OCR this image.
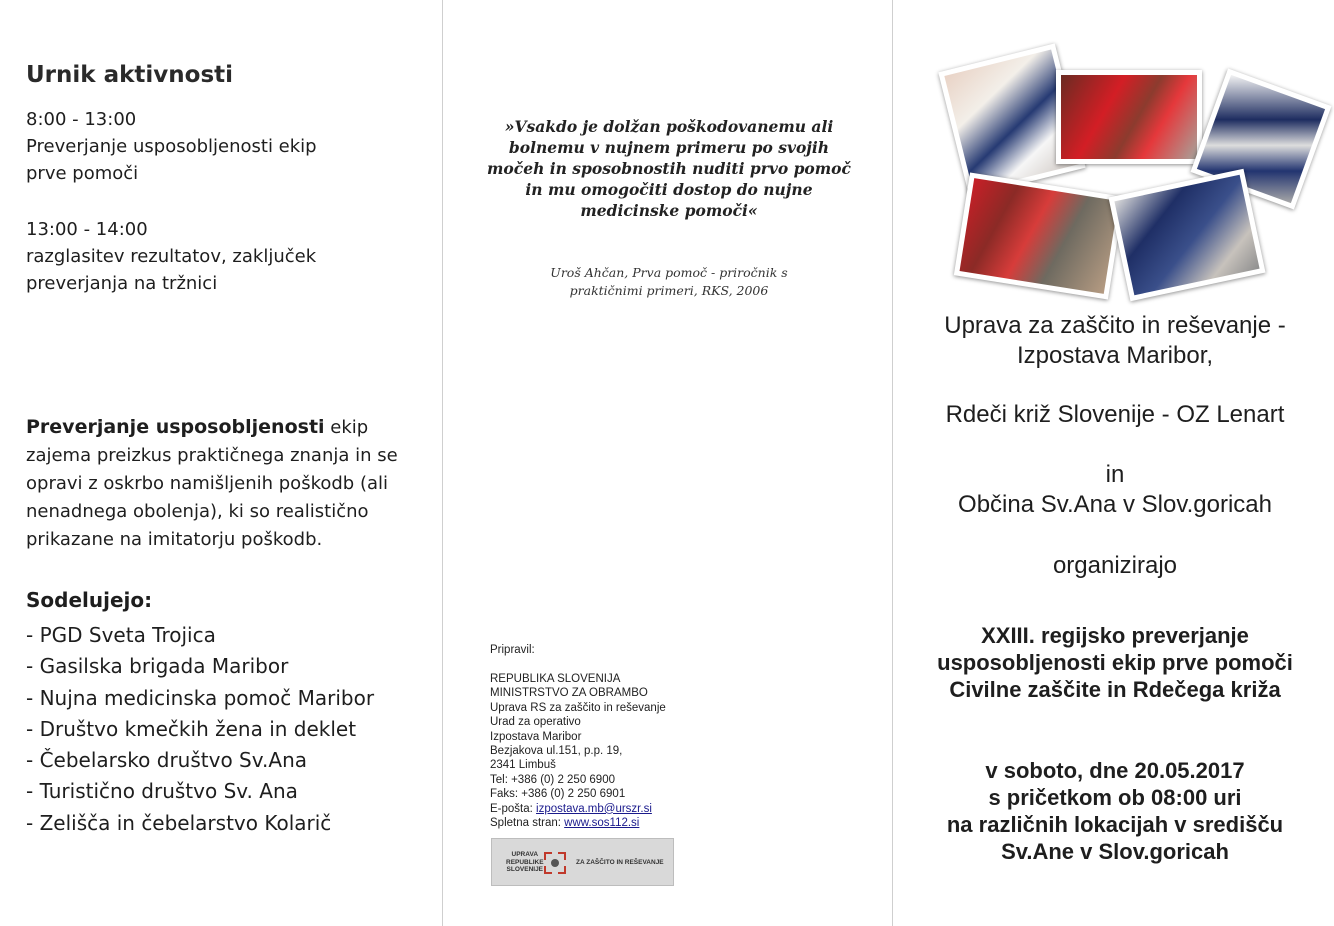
Urnik aktivnosti
8:00 - 13:00
Preverjanje usposobljenosti ekip
prve pomoči
13:00 - 14:00
razglasitev rezultatov, zaključek
preverjanja na tržnici
Preverjanje usposobljenosti ekip zajema preizkus praktičnega znanja in se opravi z oskrbo namišljenih poškodb (ali nenadnega obolenja), ki so realistično prikazane na imitatorju poškodb.
Sodelujejo:
- PGD Sveta Trojica
- Gasilska brigada Maribor
- Nujna medicinska pomoč Maribor
- Društvo kmečkih žena in deklet
- Čebelarsko društvo Sv.Ana
- Turistično društvo Sv. Ana
- Zelišča in čebelarstvo Kolarič
»Vsakdo je dolžan poškodovanemu ali
bolnemu v nujnem primeru po svojih
močeh in sposobnostih nuditi prvo pomoč
in mu omogočiti dostop do nujne
medicinske pomoči«
Uroš Ahčan, Prva pomoč - priročnik s
praktičnimi primeri, RKS, 2006
Pripravil:
REPUBLIKA SLOVENIJA
MINISTRSTVO ZA OBRAMBO
Uprava RS za zaščito in reševanje
Urad za operativo
Izpostava Maribor
Bezjakova ul.151, p.p. 19,
2341 Limbuš
Tel: +386 (0) 2 250 6900
Faks: +386 (0) 2 250 6901
E-pošta: izpostava.mb@urszr.si
Spletna stran: www.sos112.si
UPRAVA
REPUBLIKE
SLOVENIJE
ZA ZAŠČITO IN REŠEVANJE
Uprava za zaščito in reševanje -
Izpostava Maribor,
Rdeči križ Slovenije - OZ Lenart
in
Občina Sv.Ana v Slov.goricah
organizirajo
XXIII. regijsko preverjanje
usposobljenosti ekip prve pomoči
Civilne zaščite in Rdečega križa
v soboto, dne 20.05.2017
s pričetkom ob 08:00 uri
na različnih lokacijah v središču
Sv.Ane v Slov.goricah
